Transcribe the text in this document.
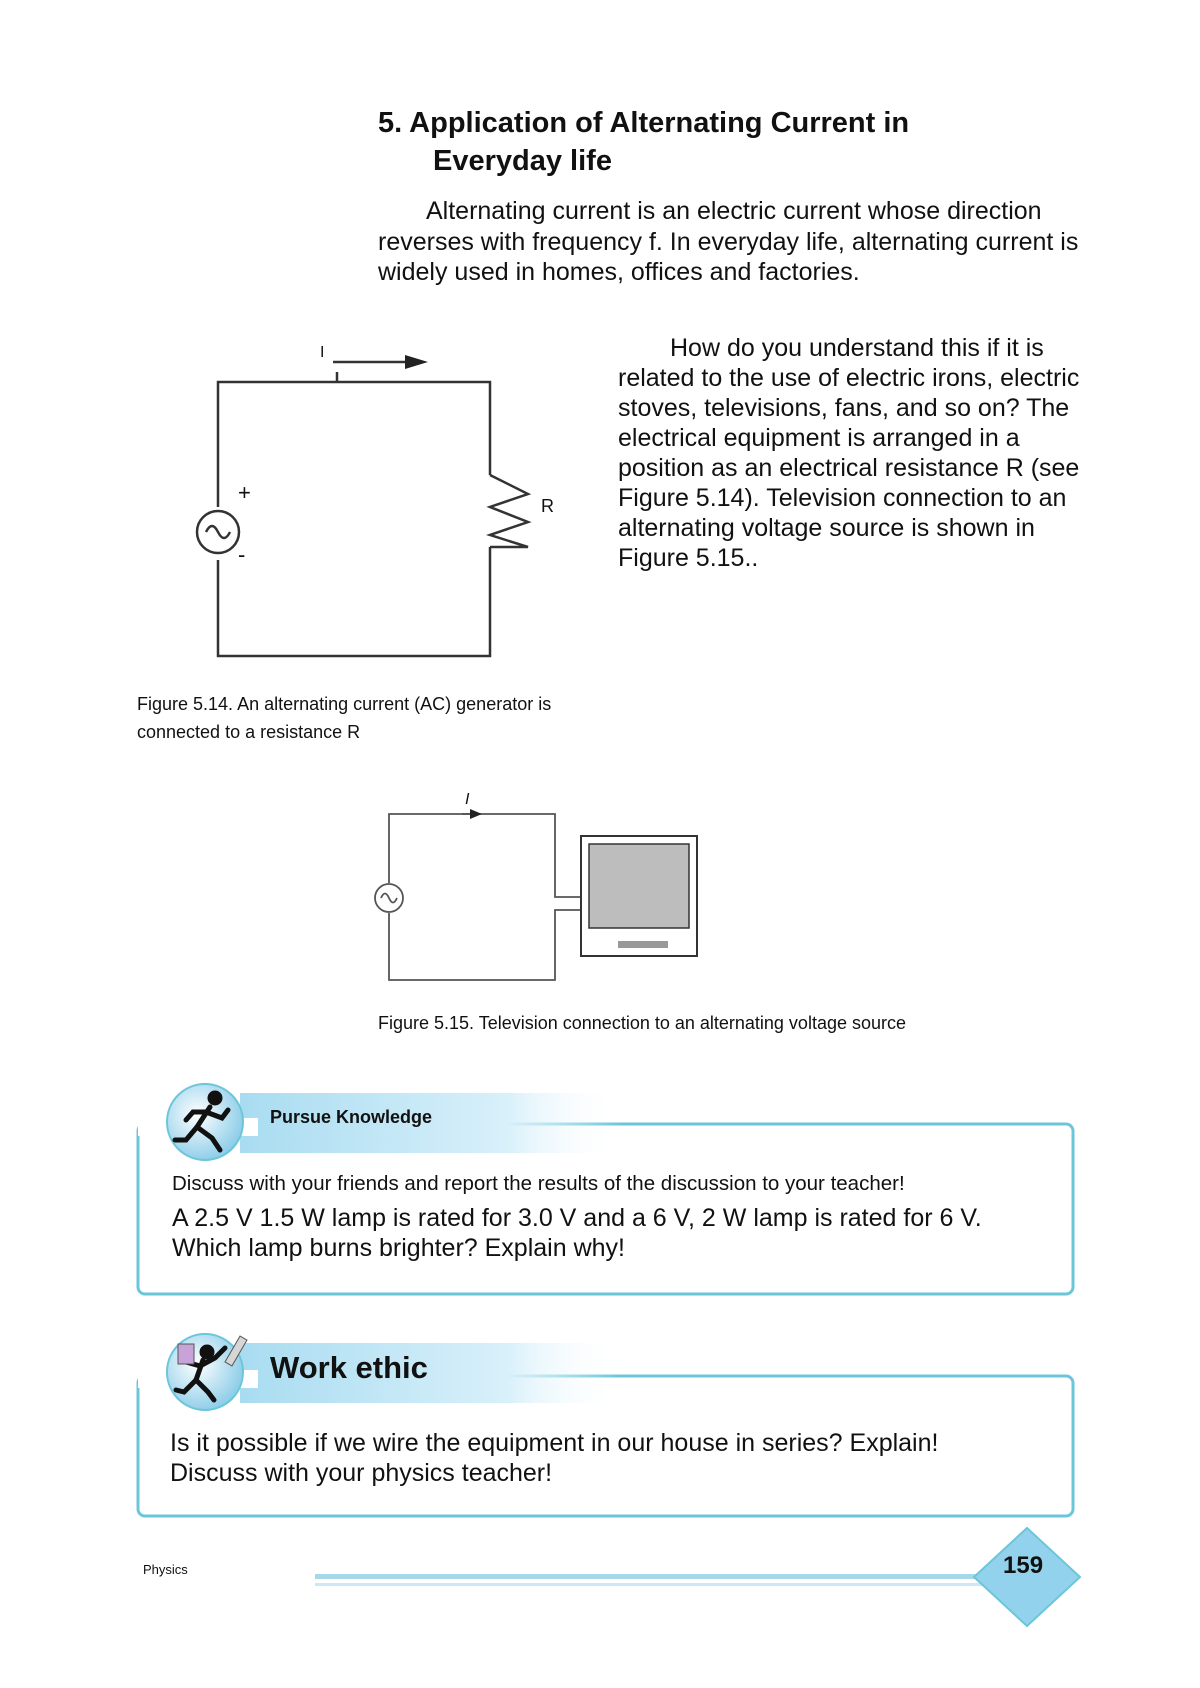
5. Application of Alternating Current in
Everyday life

Alternating current is an electric current whose direction reverses with frequency f. In everyday life, alternating current is widely used in homes, offices and factories.

How do you understand this if it is related to the use of electric irons, electric stoves, televisions, fans, and so on? The electrical equipment is arranged in a position as an electrical resistance R (see Figure 5.14). Television connection to an alternating voltage source is shown in Figure 5.15..

I
R
+
-
I
Figure 5.14. An alternating current (AC) generator is connected to a resistance R
Figure 5.15. Television connection to an alternating voltage source
Pursue Knowledge
Discuss with your friends and report the results of the discussion to your teacher!
A 2.5 V 1.5 W lamp is rated for 3.0 V and a 6 V, 2 W lamp is rated for 6 V. Which lamp burns brighter? Explain why!
Work ethic
Is it possible if we wire the equipment in our house in series? Explain! Discuss with your physics teacher!
Physics	159
